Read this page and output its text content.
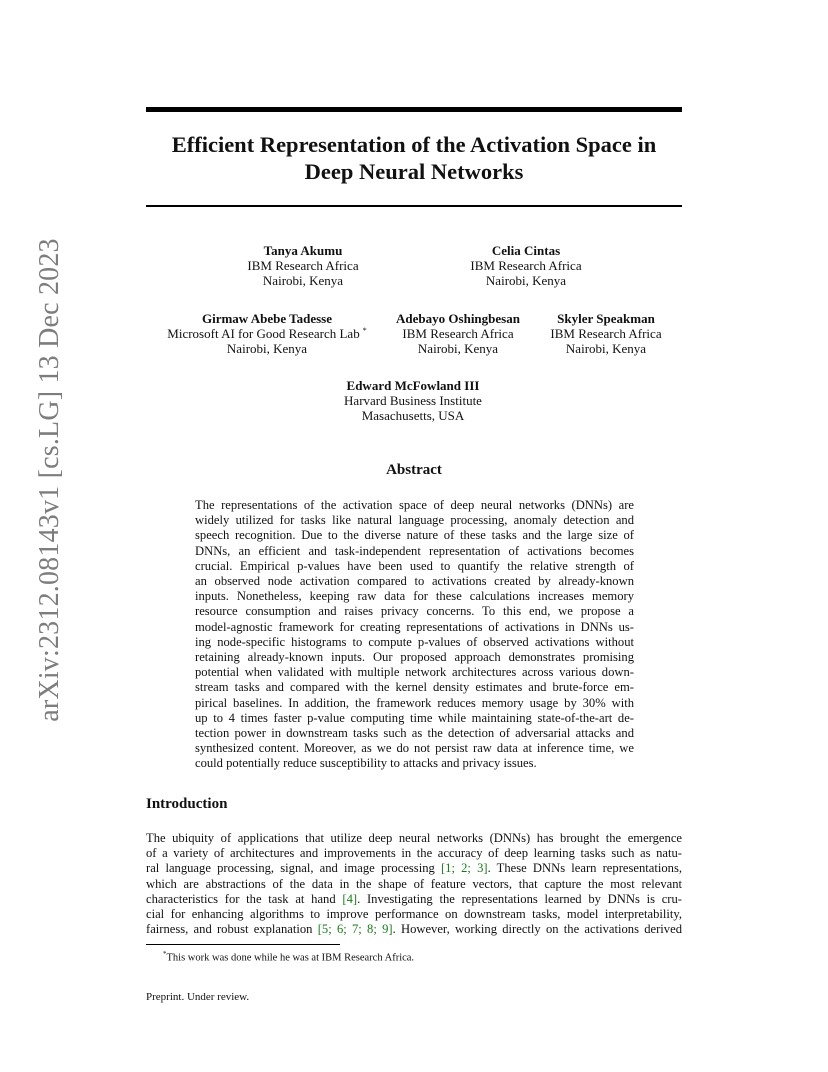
arXiv:2312.08143v1 [cs.LG] 13 Dec 2023
Efficient Representation of the Activation Space in
Deep Neural Networks
Tanya Akumu
IBM Research Africa
Nairobi, Kenya
Celia Cintas
IBM Research Africa
Nairobi, Kenya
Girmaw Abebe Tadesse
Microsoft AI for Good Research Lab *
Nairobi, Kenya
Adebayo Oshingbesan
IBM Research Africa
Nairobi, Kenya
Skyler Speakman
IBM Research Africa
Nairobi, Kenya
Edward McFowland III
Harvard Business Institute
Masachusetts, USA
Abstract
The representations of the activation space of deep neural networks (DNNs) are
widely utilized for tasks like natural language processing, anomaly detection and
speech recognition. Due to the diverse nature of these tasks and the large size of
DNNs, an efficient and task-independent representation of activations becomes
crucial. Empirical p-values have been used to quantify the relative strength of
an observed node activation compared to activations created by already-known
inputs. Nonetheless, keeping raw data for these calculations increases memory
resource consumption and raises privacy concerns. To this end, we propose a
model-agnostic framework for creating representations of activations in DNNs us-
ing node-specific histograms to compute p-values of observed activations without
retaining already-known inputs. Our proposed approach demonstrates promising
potential when validated with multiple network architectures across various down-
stream tasks and compared with the kernel density estimates and brute-force em-
pirical baselines. In addition, the framework reduces memory usage by 30% with
up to 4 times faster p-value computing time while maintaining state-of-the-art de-
tection power in downstream tasks such as the detection of adversarial attacks and
synthesized content. Moreover, as we do not persist raw data at inference time, we
could potentially reduce susceptibility to attacks and privacy issues.
Introduction
The ubiquity of applications that utilize deep neural networks (DNNs) has brought the emergence
of a variety of architectures and improvements in the accuracy of deep learning tasks such as natu-
ral language processing, signal, and image processing [1; 2; 3]. These DNNs learn representations,
which are abstractions of the data in the shape of feature vectors, that capture the most relevant
characteristics for the task at hand [4]. Investigating the representations learned by DNNs is cru-
cial for enhancing algorithms to improve performance on downstream tasks, model interpretability,
fairness, and robust explanation [5; 6; 7; 8; 9]. However, working directly on the activations derived
*This work was done while he was at IBM Research Africa.
Preprint. Under review.
